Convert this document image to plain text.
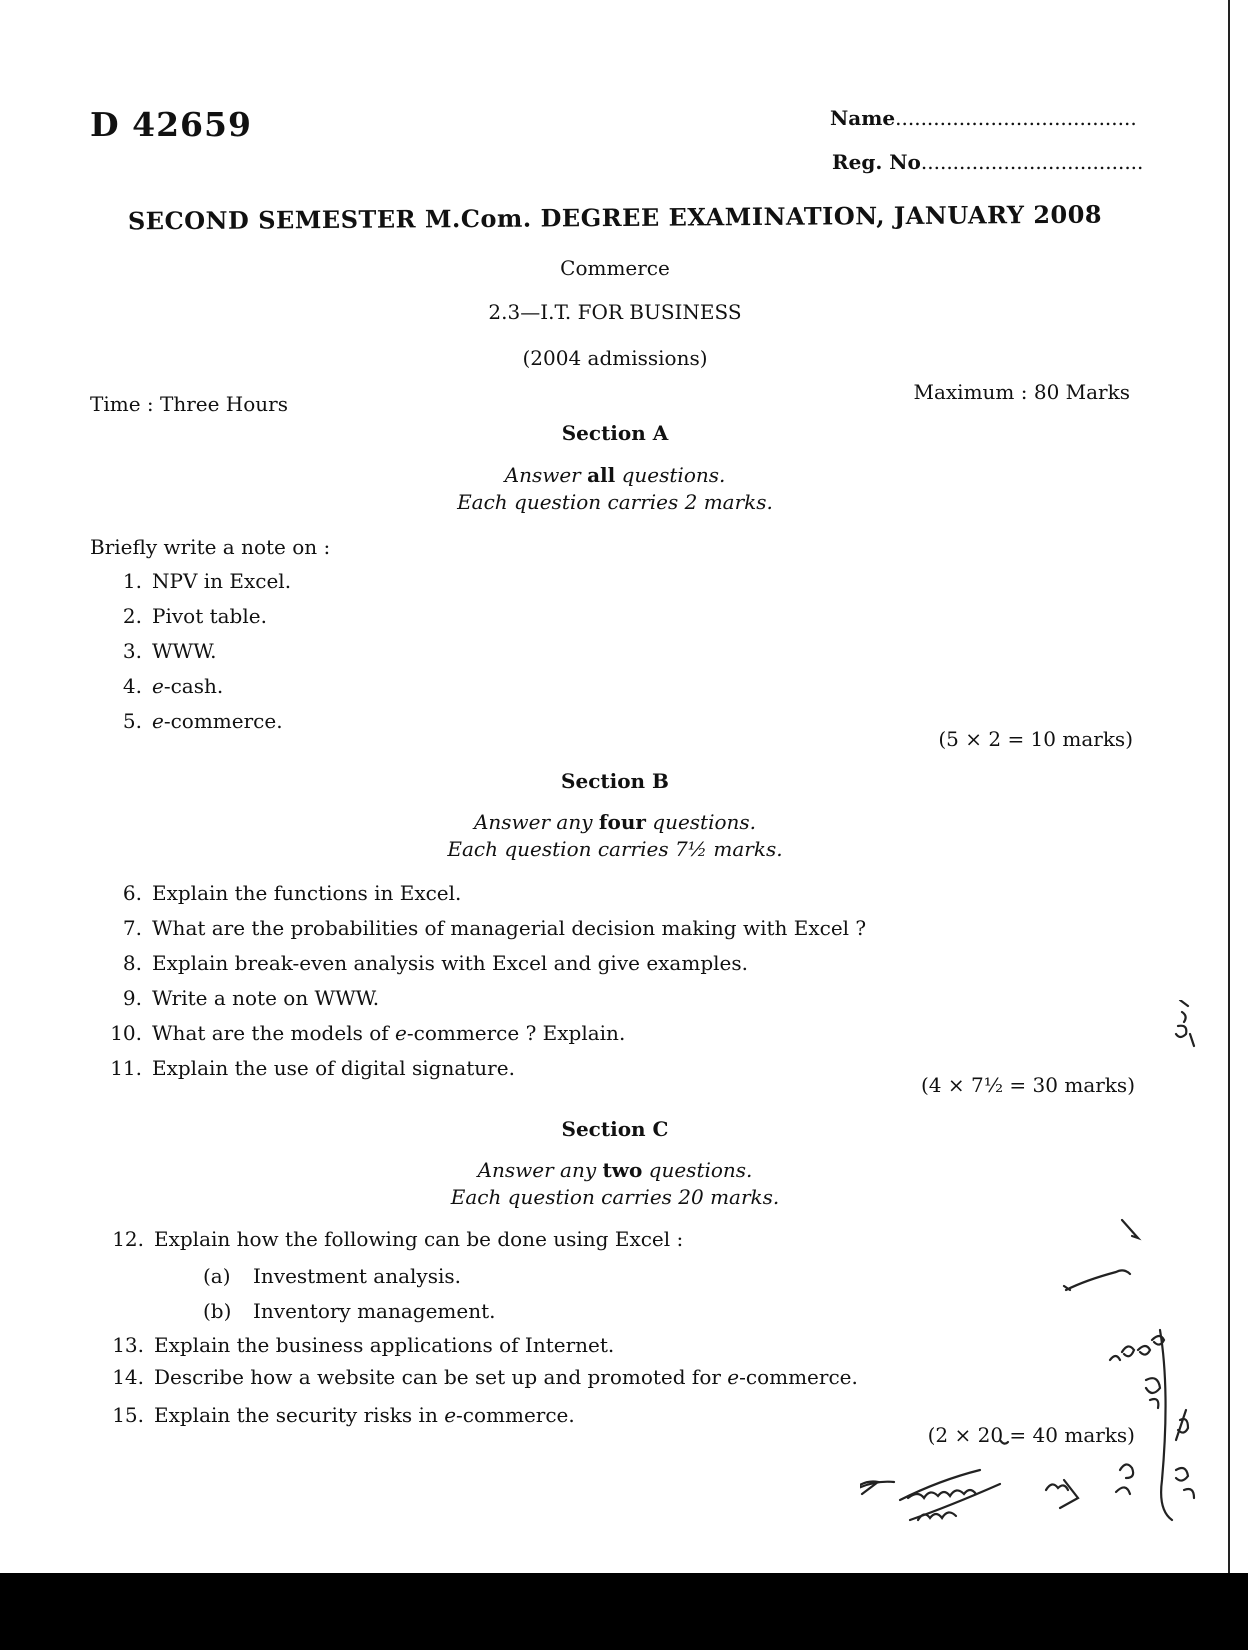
D 42659	Name......................................
Reg. No...................................
SECOND SEMESTER M.Com. DEGREE EXAMINATION, JANUARY 2008
Commerce
2.3—I.T. FOR BUSINESS
(2004 admissions)
Time : Three Hours	Maximum : 80 Marks
Section A
Answer all questions.
Each question carries 2 marks.
Briefly write a note on :
1. NPV in Excel.
2. Pivot table.
3. WWW.
4. e-cash.
5. e-commerce.
(5 × 2 = 10 marks)
Section B
Answer any four questions.
Each question carries 7½ marks.
6. Explain the functions in Excel.
7. What are the probabilities of managerial decision making with Excel ?
8. Explain break-even analysis with Excel and give examples.
9. Write a note on WWW.
10. What are the models of e-commerce ? Explain.
11. Explain the use of digital signature.
(4 × 7½ = 30 marks)
Section C
Answer any two questions.
Each question carries 20 marks.
12. Explain how the following can be done using Excel :
(a) Investment analysis.
(b) Inventory management.
13. Explain the business applications of Internet.
14. Describe how a website can be set up and promoted for e-commerce.
15. Explain the security risks in e-commerce.
(2 × 20 = 40 marks)
